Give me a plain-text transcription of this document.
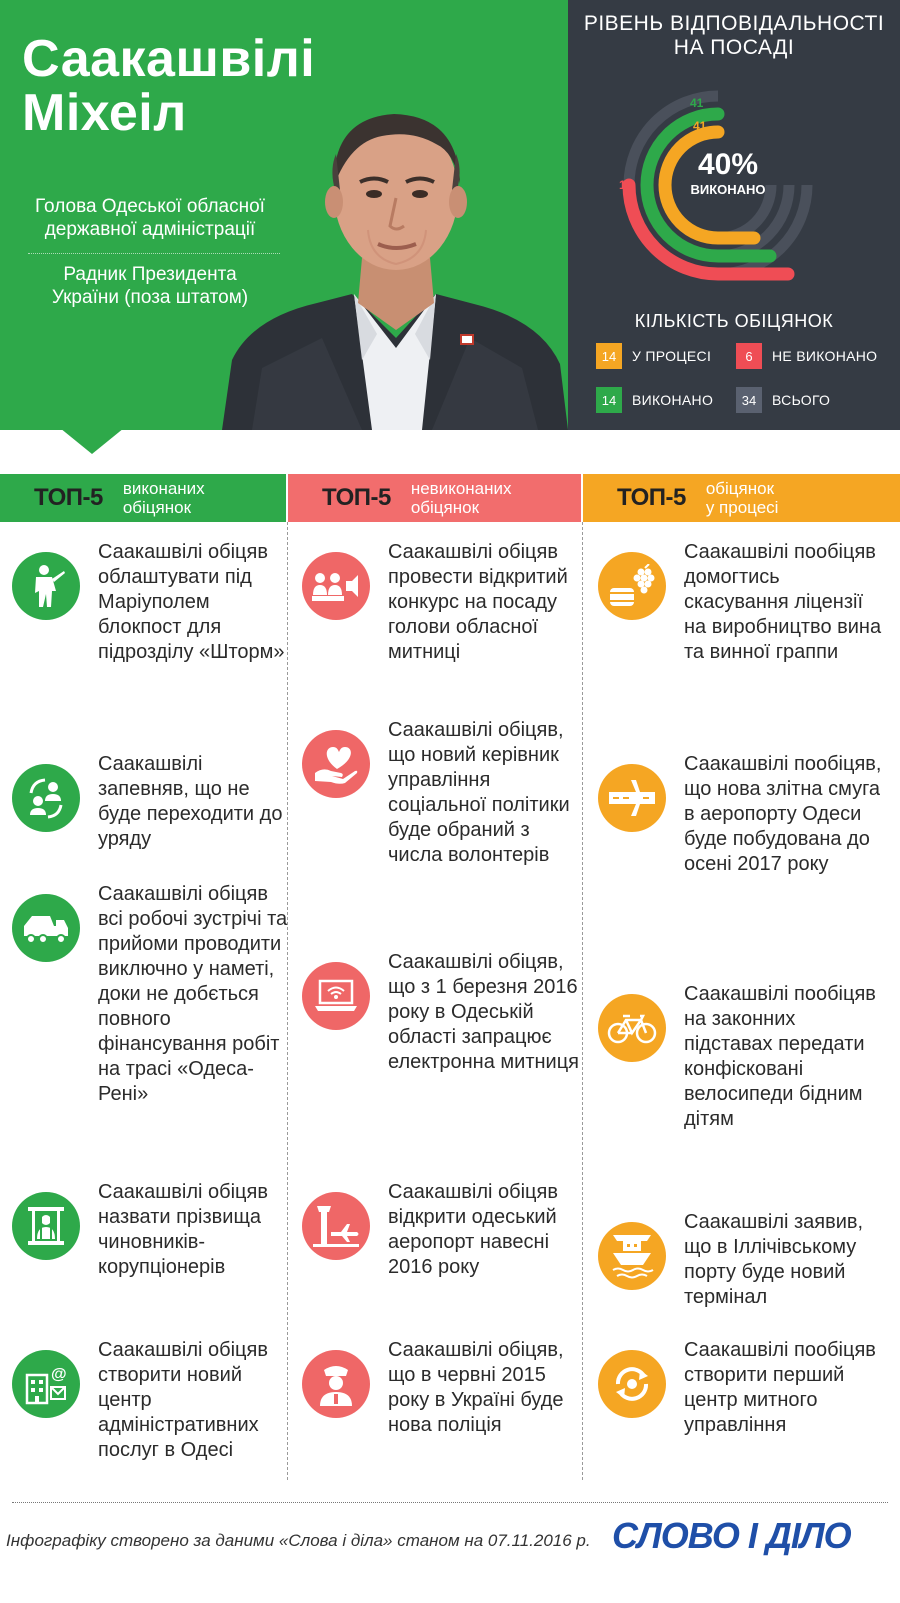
Саакашвілі
Міхеіл
Голова Одеської обласної державної адміністрації
Радник Президента України (поза штатом)
РІВЕНЬ ВІДПОВІДАЛЬНОСТІ
НА ПОСАДІ
41
41
18
40%
ВИКОНАНО
КІЛЬКІСТЬ ОБІЦЯНОК
14	У ПРОЦЕСІ	6	НЕ ВИКОНАНО
14	ВИКОНАНО	34	ВСЬОГО
ТОП-5 виконаних
обіцянок	ТОП-5 невиконаних
обіцянок	ТОП-5 обіцянок
у процесі
Саакашвілі обіцяв облаштувати під Маріуполем блокпост для підрозділу «Шторм»
Саакашвілі запевняв, що не буде переходити до уряду
Саакашвілі обіцяв всі робочі зустрічі та прийоми проводити виключно у наметі, доки не добється повного фінансування робіт на трасі «Одеса-Рені»
Саакашвілі обіцяв назвати прізвища чиновників-корупціонерів
@
Саакашвілі обіцяв створити новий центр адміністративних послуг в Одесі
Саакашвілі обіцяв провести відкритий конкурс на посаду голови обласної митниці
Саакашвілі обіцяв, що новий керівник управління соціальної політики буде обраний з числа волонтерів
Саакашвілі обіцяв, що з 1 березня 2016 року в Одеській області запрацює електронна митниця
Саакашвілі обіцяв відкрити одеський аеропорт навесні 2016 року
Саакашвілі обіцяв, що в червні 2015 року в Україні буде нова поліція
Саакашвілі пообіцяв домогтись скасування ліцензії на виробництво вина та винної граппи
Саакашвілі пообіцяв, що нова злітна смуга в аеропорту Одеси буде побудована до осені 2017 року
Саакашвілі пообіцяв на законних підставах передати конфісковані велосипеди бідним дітям
Саакашвілі заявив, що в Іллічівському порту буде новий термінал
Саакашвілі пообіцяв створити перший центр митного управління
Інфографіку створено за даними «Слова і діла» станом на 07.11.2016 р. СЛОВО І ДІЛО
